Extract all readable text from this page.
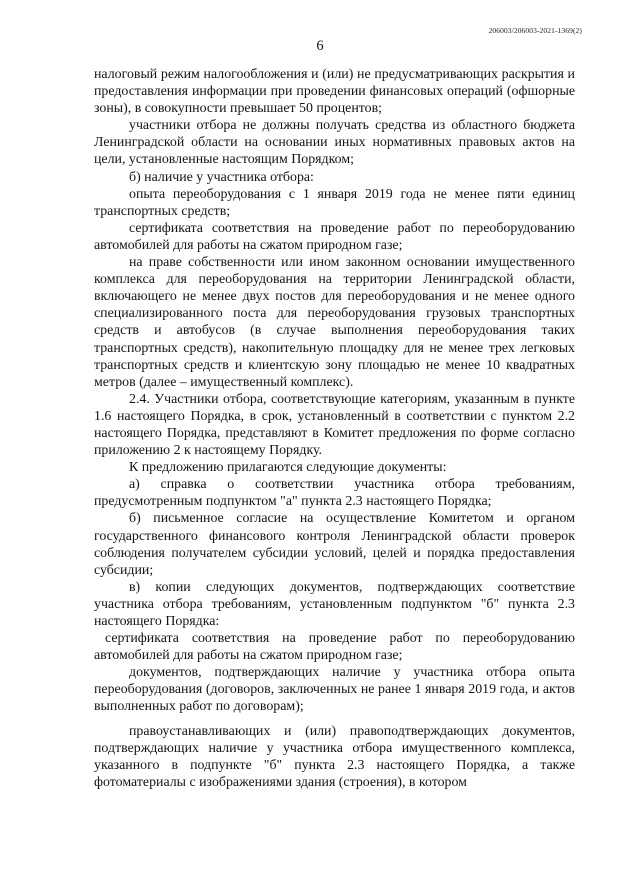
206003/206003-2021-1369(2)
6

налоговый режим налогообложения и (или) не предусматривающих раскрытия и предоставления информации при проведении финансовых операций (офшорные зоны), в совокупности превышает 50 процентов;

участники отбора не должны получать средства из областного бюджета Ленинградской области на основании иных нормативных правовых актов на цели, установленные настоящим Порядком;

б) наличие у участника отбора:

опыта переоборудования с 1 января 2019 года не менее пяти единиц транспортных средств;

сертификата соответствия на проведение работ по переоборудованию автомобилей для работы на сжатом природном газе;

на праве собственности или ином законном основании имущественного комплекса для переоборудования на территории Ленинградской области, включающего не менее двух постов для переоборудования и не менее одного специализированного поста для переоборудования грузовых транспортных средств и автобусов (в случае выполнения переоборудования таких транспортных средств), накопительную площадку для не менее трех легковых транспортных средств и клиентскую зону площадью не менее 10 квадратных метров (далее – имущественный комплекс).

2.4. Участники отбора, соответствующие категориям, указанным в пункте 1.6 настоящего Порядка, в срок, установленный в соответствии с пунктом 2.2 настоящего Порядка, представляют в Комитет предложения по форме согласно приложению 2 к настоящему Порядку.

К предложению прилагаются следующие документы:

а) справка о соответствии участника отбора требованиям, предусмотренным подпунктом "а" пункта 2.3 настоящего Порядка;

б) письменное согласие на осуществление Комитетом и органом государственного финансового контроля Ленинградской области проверок соблюдения получателем субсидии условий, целей и порядка предоставления субсидии;

в) копии следующих документов, подтверждающих соответствие участника отбора требованиям, установленным подпунктом "б" пункта 2.3 настоящего Порядка:

сертификата соответствия на проведение работ по переоборудованию автомобилей для работы на сжатом природном газе;

документов, подтверждающих наличие у участника отбора опыта переоборудования (договоров, заключенных не ранее 1 января 2019 года, и актов выполненных работ по договорам);

правоустанавливающих и (или) правоподтверждающих документов, подтверждающих наличие у участника отбора имущественного комплекса, указанного в подпункте "б" пункта 2.3 настоящего Порядка, а также фотоматериалы с изображениями здания (строения), в котором
